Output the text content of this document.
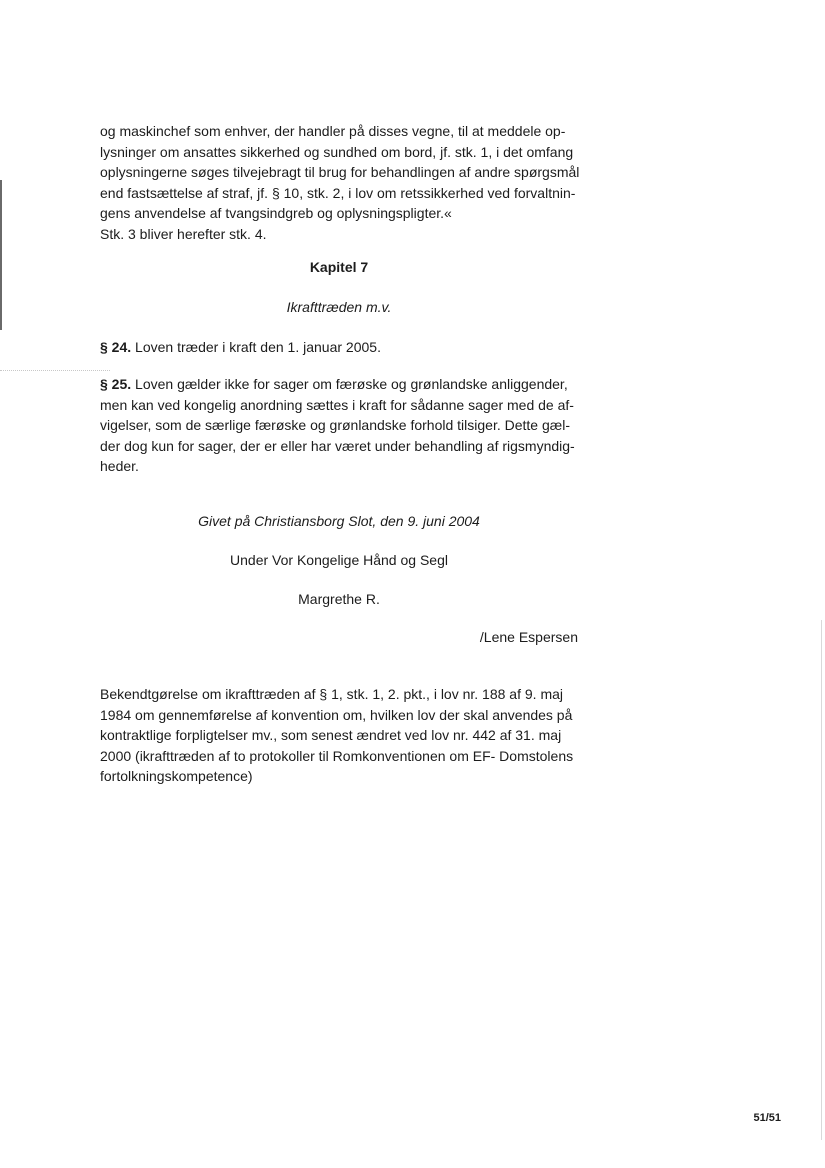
og maskinchef som enhver, der handler på disses vegne, til at meddele op-
lysninger om ansattes sikkerhed og sundhed om bord, jf. stk. 1, i det omfang
oplysningerne søges tilvejebragt til brug for behandlingen af andre spørgsmål
end fastsættelse af straf, jf. § 10, stk. 2, i lov om retssikkerhed ved forvaltnin-
gens anvendelse af tvangsindgreb og oplysningspligter.«
Stk. 3 bliver herefter stk. 4.

Kapitel 7

Ikrafttræden m.v.

§ 24. Loven træder i kraft den 1. januar 2005.
§ 25. Loven gælder ikke for sager om færøske og grønlandske anliggender,
men kan ved kongelig anordning sættes i kraft for sådanne sager med de af-
vigelser, som de særlige færøske og grønlandske forhold tilsiger. Dette gæl-
der dog kun for sager, der er eller har været under behandling af rigsmyndig-
heder.

Givet på Christiansborg Slot, den 9. juni 2004

Under Vor Kongelige Hånd og Segl

Margrethe R.

/Lene Espersen

Bekendtgørelse om ikrafttræden af § 1, stk. 1, 2. pkt., i lov nr. 188 af 9. maj
1984 om gennemførelse af konvention om, hvilken lov der skal anvendes på
kontraktlige forpligtelser mv., som senest ændret ved lov nr. 442 af 31. maj
2000 (ikrafttræden af to protokoller til Romkonventionen om EF- Domstolens
fortolkningskompetence)
51/51
